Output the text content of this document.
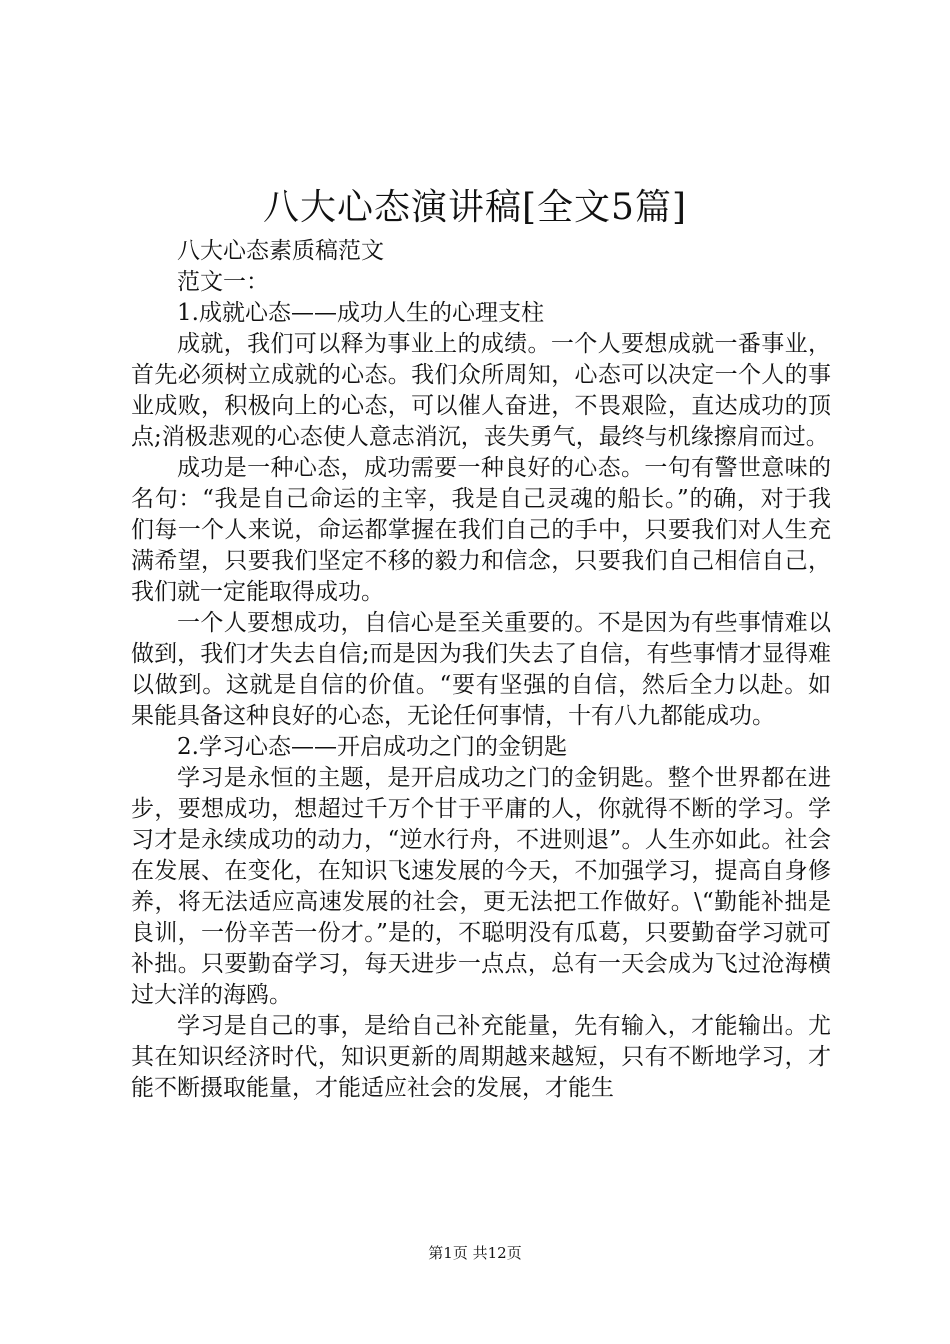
八大心态演讲稿[全文5篇]

八大心态素质稿范文

范文一：

1.成就心态——成功人生的心理支柱

成就，我们可以释为事业上的成绩。一个人要想成就一番事业，首先必须树立成就的心态。我们众所周知，心态可以决定一个人的事业成败，积极向上的心态，可以催人奋进，不畏艰险，直达成功的顶点;消极悲观的心态使人意志消沉，丧失勇气，最终与机缘擦肩而过。

成功是一种心态，成功需要一种良好的心态。一句有警世意味的名句：“我是自己命运的主宰，我是自己灵魂的船长。”的确，对于我们每一个人来说，命运都掌握在我们自己的手中，只要我们对人生充满希望，只要我们坚定不移的毅力和信念，只要我们自己相信自己，我们就一定能取得成功。

一个人要想成功，自信心是至关重要的。不是因为有些事情难以做到，我们才失去自信;而是因为我们失去了自信，有些事情才显得难以做到。这就是自信的价值。“要有坚强的自信，然后全力以赴。如果能具备这种良好的心态，无论任何事情，十有八九都能成功。

2.学习心态——开启成功之门的金钥匙

学习是永恒的主题，是开启成功之门的金钥匙。整个世界都在进步，要想成功，想超过千万个甘于平庸的人，你就得不断的学习。学习才是永续成功的动力，“逆水行舟，不进则退”。人生亦如此。社会在发展、在变化，在知识飞速发展的今天，不加强学习，提高自身修养，将无法适应高速发展的社会，更无法把工作做好。\“勤能补拙是良训，一份辛苦一份才。”是的，不聪明没有瓜葛，只要勤奋学习就可补拙。只要勤奋学习，每天进步一点点，总有一天会成为飞过沧海横过大洋的海鸥。

学习是自己的事，是给自己补充能量，先有输入，才能输出。尤其在知识经济时代，知识更新的周期越来越短，只有不断地学习，才能不断摄取能量，才能适应社会的发展，才能生

第1页 共12页
